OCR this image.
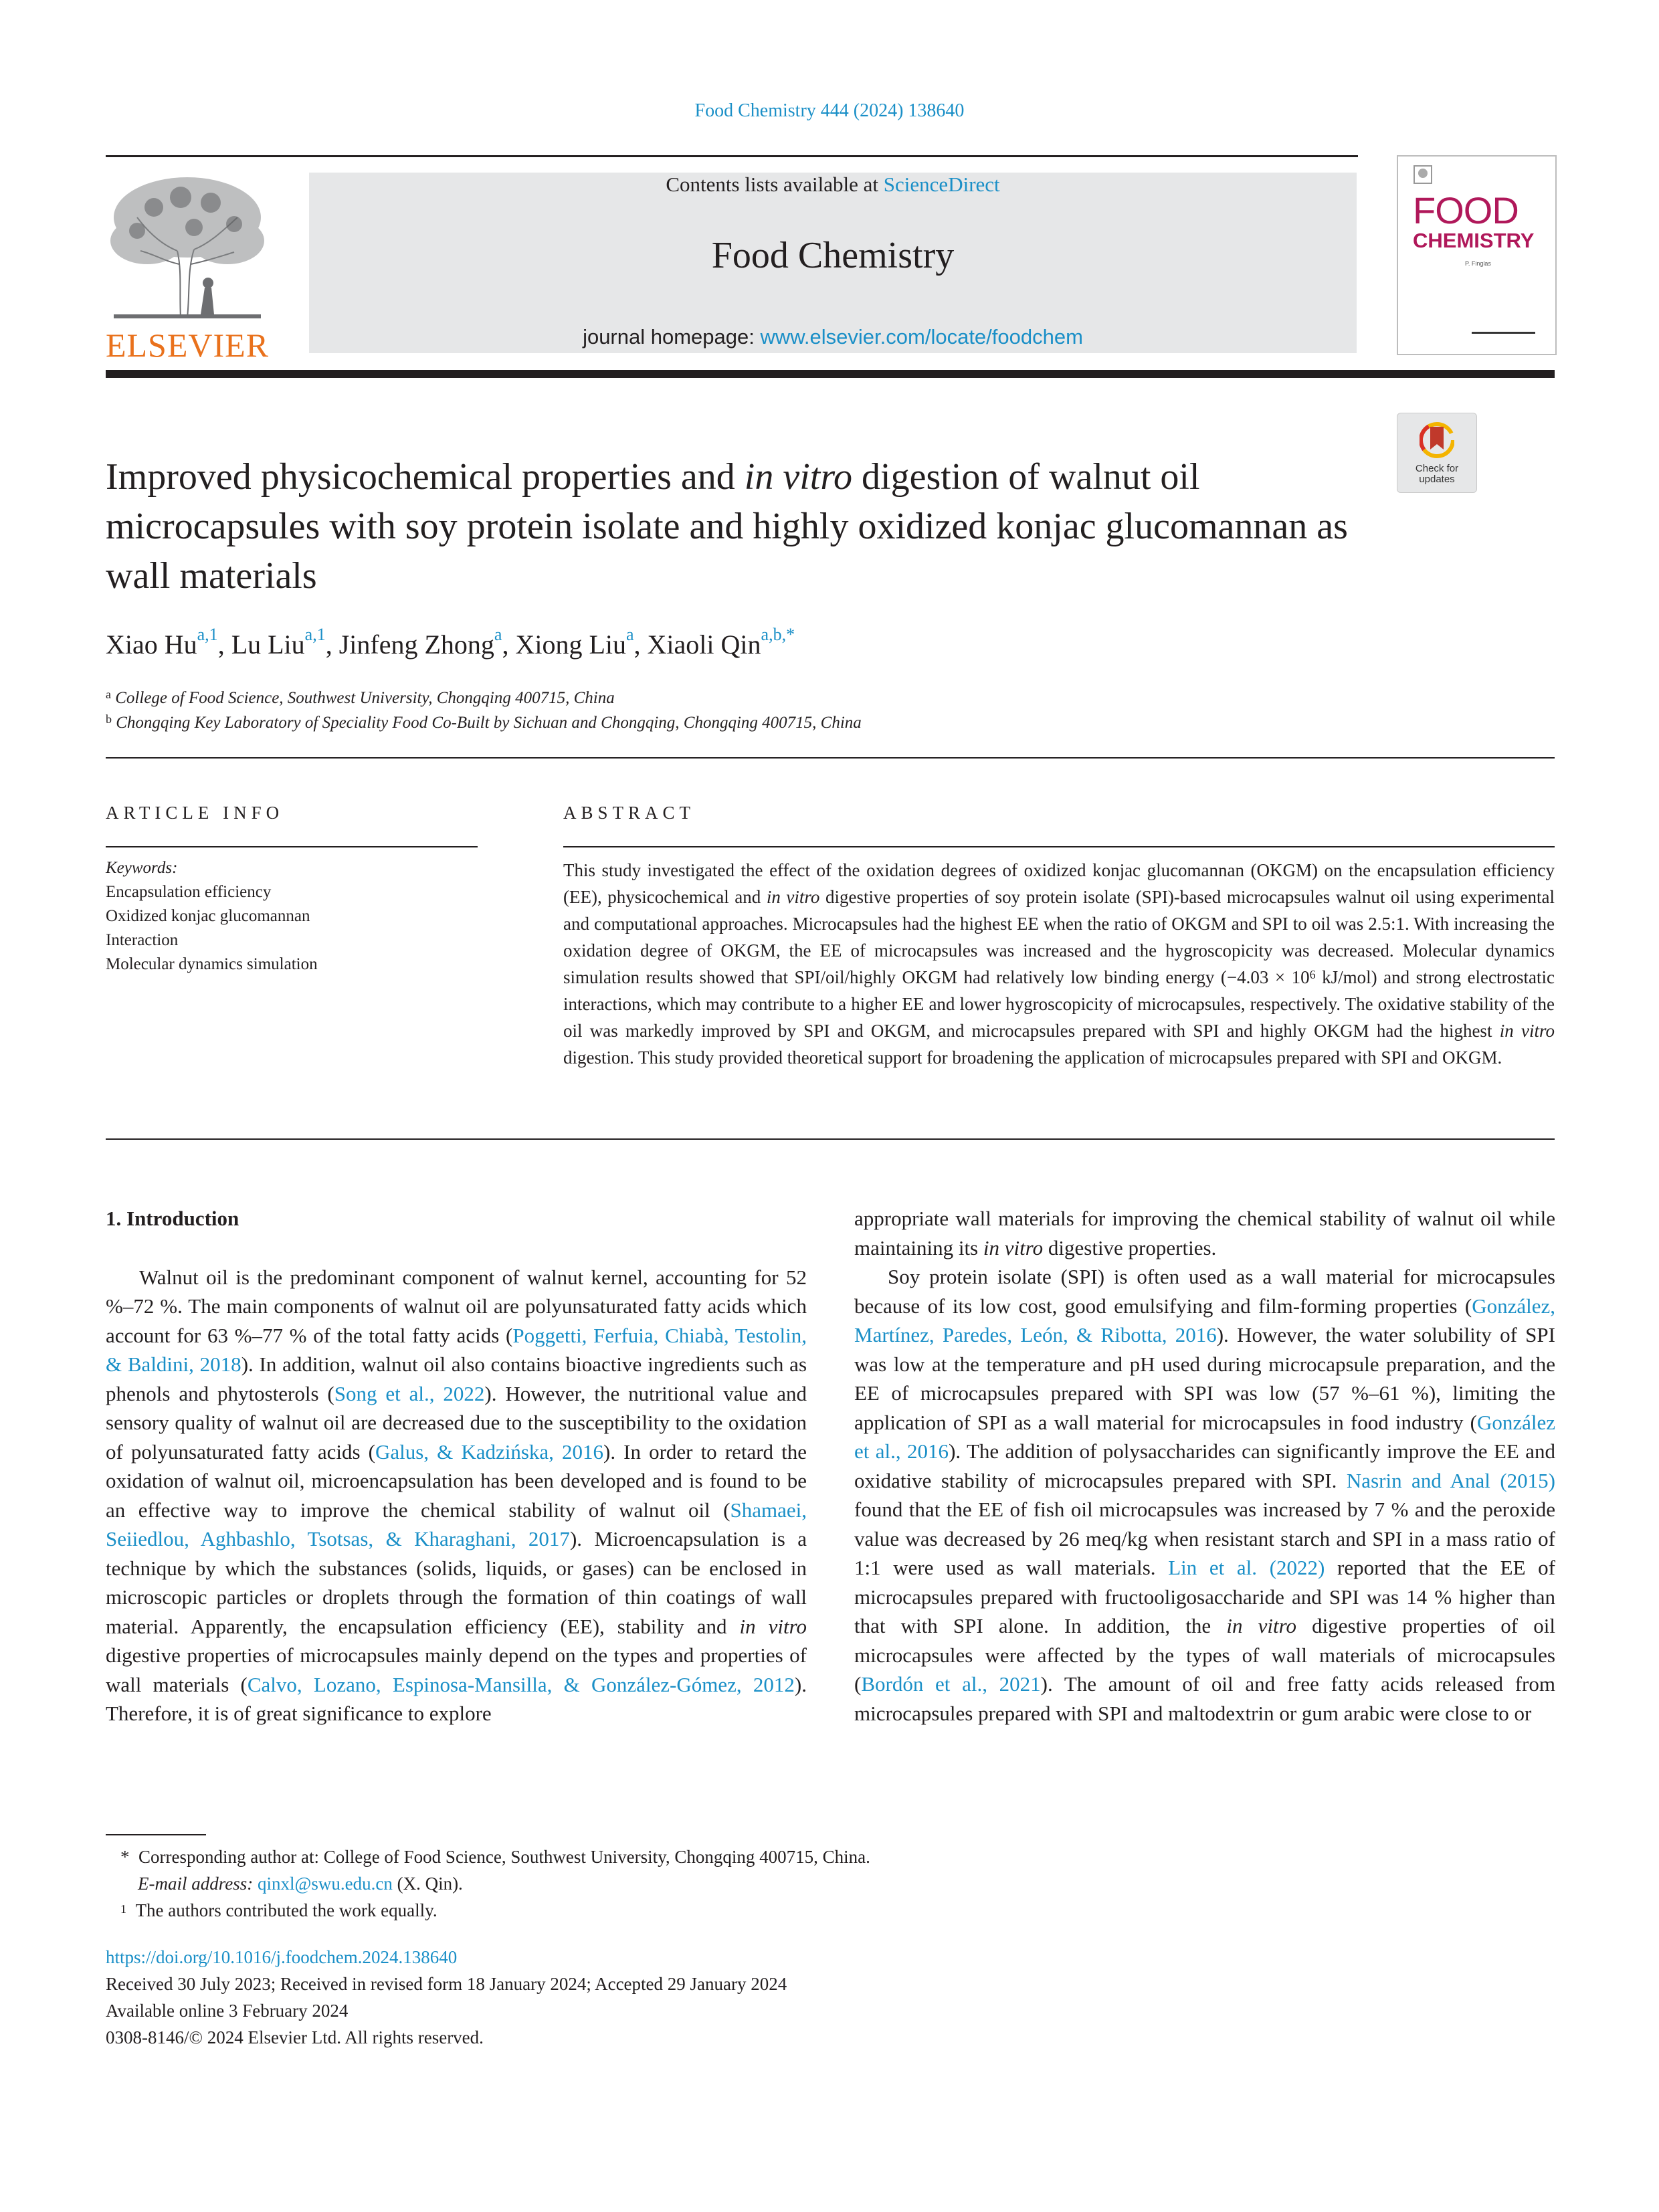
Food Chemistry 444 (2024) 138640
ELSEVIER
Contents lists available at ScienceDirect
Food Chemistry
journal homepage: www.elsevier.com/locate/foodchem
FOOD
CHEMISTRY
P. Finglas
Check for updates
Improved physicochemical properties and in vitro digestion of walnut oil microcapsules with soy protein isolate and highly oxidized konjac glucomannan as wall materials
Xiao Hu$^{a,1}$, Lu Liu$^{a,1}$, Jinfeng Zhong$^a$, Xiong Liu$^a$, Xiaoli Qin$^{a,b,*}$
$^a$ College of Food Science, Southwest University, Chongqing 400715, China
$^b$ Chongqing Key Laboratory of Speciality Food Co-Built by Sichuan and Chongqing, Chongqing 400715, China
ARTICLE INFO	ABSTRACT
Keywords:
Encapsulation efficiency
Oxidized konjac glucomannan
Interaction
Molecular dynamics simulation
This study investigated the effect of the oxidation degrees of oxidized konjac glucomannan (OKGM) on the encapsulation efficiency (EE), physicochemical and in vitro digestive properties of soy protein isolate (SPI)-based microcapsules walnut oil using experimental and computational approaches. Microcapsules had the highest EE when the ratio of OKGM and SPI to oil was 2.5:1. With increasing the oxidation degree of OKGM, the EE of microcapsules was increased and the hygroscopicity was decreased. Molecular dynamics simulation results showed that SPI/oil/highly OKGM had relatively low binding energy ($-4.03 \times 10^6$ kJ/mol) and strong electrostatic interactions, which may contribute to a higher EE and lower hygroscopicity of microcapsules, respectively. The oxidative stability of the oil was markedly improved by SPI and OKGM, and microcapsules prepared with SPI and highly OKGM had the highest in vitro digestion. This study provided theoretical support for broadening the application of microcapsules prepared with SPI and OKGM.
1. Introduction

Walnut oil is the predominant component of walnut kernel, accounting for 52 %–72 %. The main components of walnut oil are polyunsaturated fatty acids which account for 63 %–77 % of the total fatty acids (Poggetti, Ferfuia, Chiabà, Testolin, & Baldini, 2018). In addition, walnut oil also contains bioactive ingredients such as phenols and phytosterols (Song et al., 2022). However, the nutritional value and sensory quality of walnut oil are decreased due to the susceptibility to the oxidation of polyunsaturated fatty acids (Galus, & Kadzińska, 2016). In order to retard the oxidation of walnut oil, microencapsulation has been developed and is found to be an effective way to improve the chemical stability of walnut oil (Shamaei, Seiiedlou, Aghbashlo, Tsotsas, & Kharaghani, 2017). Microencapsulation is a technique by which the substances (solids, liquids, or gases) can be enclosed in microscopic particles or droplets through the formation of thin coatings of wall material. Apparently, the encapsulation efficiency (EE), stability and in vitro digestive properties of microcapsules mainly depend on the types and properties of wall materials (Calvo, Lozano, Espinosa-Mansilla, & González-Gómez, 2012). Therefore, it is of great significance to explore

appropriate wall materials for improving the chemical stability of walnut oil while maintaining its in vitro digestive properties.

Soy protein isolate (SPI) is often used as a wall material for microcapsules because of its low cost, good emulsifying and film-forming properties (González, Martínez, Paredes, León, & Ribotta, 2016). However, the water solubility of SPI was low at the temperature and pH used during microcapsule preparation, and the EE of microcapsules prepared with SPI was low (57 %–61 %), limiting the application of SPI as a wall material for microcapsules in food industry (González et al., 2016). The addition of polysaccharides can significantly improve the EE and oxidative stability of microcapsules prepared with SPI. Nasrin and Anal (2015) found that the EE of fish oil microcapsules was increased by 7 % and the peroxide value was decreased by 26 meq/kg when resistant starch and SPI in a mass ratio of 1:1 were used as wall materials. Lin et al. (2022) reported that the EE of microcapsules prepared with fructooligosaccharide and SPI was 14 % higher than that with SPI alone. In addition, the in vitro digestive properties of oil microcapsules were affected by the types of wall materials of microcapsules (Bordón et al., 2021). The amount of oil and free fatty acids released from microcapsules prepared with SPI and maltodextrin or gum arabic were close to or

* Corresponding author at: College of Food Science, Southwest University, Chongqing 400715, China.
E-mail address: qinxl@swu.edu.cn (X. Qin).
$^1$ The authors contributed the work equally.
https://doi.org/10.1016/j.foodchem.2024.138640
Received 30 July 2023; Received in revised form 18 January 2024; Accepted 29 January 2024
Available online 3 February 2024
0308-8146/© 2024 Elsevier Ltd. All rights reserved.
